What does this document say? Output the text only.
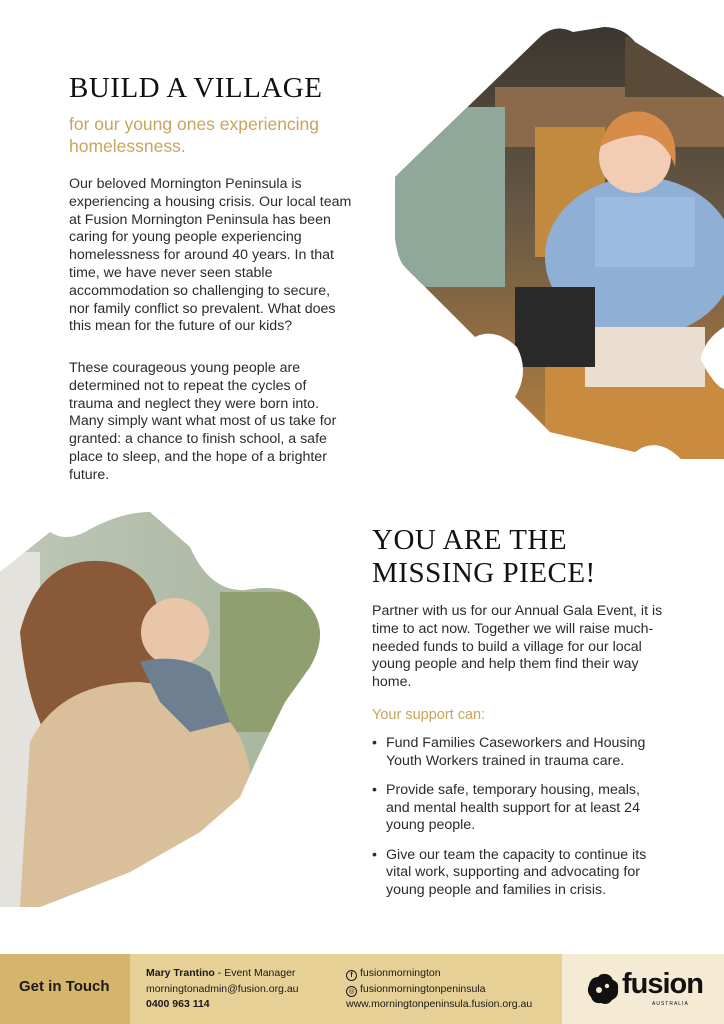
BUILD A VILLAGE

for our young ones experiencing homelessness.

Our beloved Mornington Peninsula is experiencing a housing crisis. Our local team at Fusion Mornington Peninsula has been caring for young people experiencing homelessness for around 40 years. In that time, we have never seen stable accommodation so challenging to secure, nor family conflict so prevalent. What does this mean for the future of our kids?

These courageous young people are determined not to repeat the cycles of trauma and neglect they were born into. Many simply want what most of us take for granted: a chance to finish school, a safe place to sleep, and the hope of a brighter future.

YOU ARE THE
MISSING PIECE!

Partner with us for our Annual Gala Event, it is time to act now. Together we will raise much-needed funds to build a village for our local young people and help them find their way home.

Your support can:

• Fund Families Caseworkers and Housing Youth Workers trained in trauma care.
• Provide safe, temporary housing, meals, and mental health support for at least 24 young people.
• Give our team the capacity to continue its vital work, supporting and advocating for young people and families in crisis.
Get in Touch
Mary Trantino - Event Manager
morningtonadmin@fusion.org.au
0400 963 114
f fusionmornington
◎ fusionmorningtonpeninsula
www.morningtonpeninsula.fusion.org.au
fusion
AUSTRALIA
